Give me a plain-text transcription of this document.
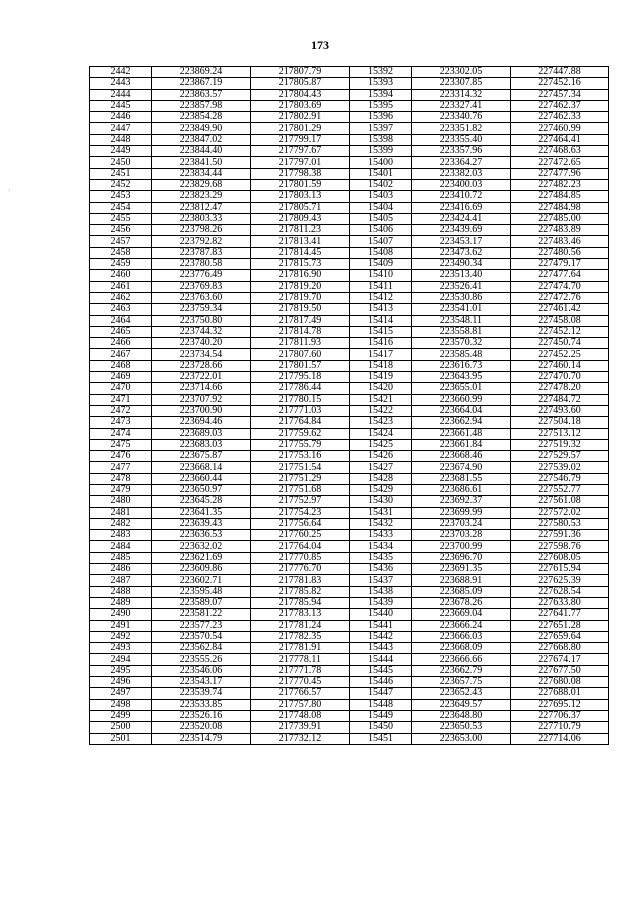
173
·
2442	223869.24	217807.79	15392	223302.05	227447.88
2443	223867.19	217805.87	15393	223307.85	227452.16
2444	223863.57	217804.43	15394	223314.32	227457.34
2445	223857.98	217803.69	15395	223327.41	227462.37
2446	223854.28	217802.91	15396	223340.76	227462.33
2447	223849.90	217801.29	15397	223351.82	227460.99
2448	223847.02	217799.17	15398	223355.40	227464.41
2449	223844.40	217797.67	15399	223357.96	227468.63
2450	223841.50	217797.01	15400	223364.27	227472.65
2451	223834.44	217798.38	15401	223382.03	227477.96
2452	223829.68	217801.59	15402	223400.03	227482.23
2453	223823.29	217803.13	15403	223410.72	227484.85
2454	223812.47	217805.71	15404	223416.69	227484.98
2455	223803.33	217809.43	15405	223424.41	227485.00
2456	223798.26	217811.23	15406	223439.69	227483.89
2457	223792.82	217813.41	15407	223453.17	227483.46
2458	223787.83	217814.45	15408	223473.62	227480.56
2459	223780.58	217815.73	15409	223490.34	227479.17
2460	223776.49	217816.90	15410	223513.40	227477.64
2461	223769.83	217819.20	15411	223526.41	227474.70
2462	223763.60	217819.70	15412	223530.86	227472.76
2463	223759.34	217819.50	15413	223541.01	227461.42
2464	223750.80	217817.49	15414	223548.11	227458.08
2465	223744.32	217814.78	15415	223558.81	227452.12
2466	223740.20	217811.93	15416	223570.32	227450.74
2467	223734.54	217807.60	15417	223585.48	227452.25
2468	223728.66	217801.57	15418	223616.73	227460.14
2469	223722.01	217795.18	15419	223643.95	227470.70
2470	223714.66	217786.44	15420	223655.01	227478.20
2471	223707.92	217780.15	15421	223660.99	227484.72
2472	223700.90	217771.03	15422	223664.04	227493.60
2473	223694.46	217764.84	15423	223662.94	227504.18
2474	223689.03	217759.62	15424	223661.48	227513.12
2475	223683.03	217755.79	15425	223661.84	227519.32
2476	223675.87	217753.16	15426	223668.46	227529.57
2477	223668.14	217751.54	15427	223674.90	227539.02
2478	223660.44	217751.29	15428	223681.55	227546.79
2479	223650.97	217751.68	15429	223686.61	227552.77
2480	223645.28	217752.97	15430	223692.37	227561.08
2481	223641.35	217754.23	15431	223699.99	227572.02
2482	223639.43	217756.64	15432	223703.24	227580.53
2483	223636.53	217760.25	15433	223703.28	227591.36
2484	223632.02	217764.04	15434	223700.99	227598.76
2485	223621.69	217770.85	15435	223696.70	227608.05
2486	223609.86	217776.70	15436	223691.35	227615.94
2487	223602.71	217781.83	15437	223688.91	227625.39
2488	223595.48	217785.82	15438	223685.09	227628.54
2489	223589.07	217785.94	15439	223678.26	227633.80
2490	223581.22	217783.13	15440	223669.04	227641.77
2491	223577.23	217781.24	15441	223666.24	227651.28
2492	223570.54	217782.35	15442	223666.03	227659.64
2493	223562.84	217781.91	15443	223668.09	227668.80
2494	223555.26	217778.11	15444	223666.66	227674.17
2495	223546.06	217771.78	15445	223662.79	227677.50
2496	223543.17	217770.45	15446	223657.75	227680.08
2497	223539.74	217766.57	15447	223652.43	227688.01
2498	223533.85	217757.80	15448	223649.57	227695.12
2499	223526.16	217748.08	15449	223648.80	227706.37
2500	223520.08	217739.91	15450	223650.53	227710.79
2501	223514.79	217732.12	15451	223653.00	227714.06
